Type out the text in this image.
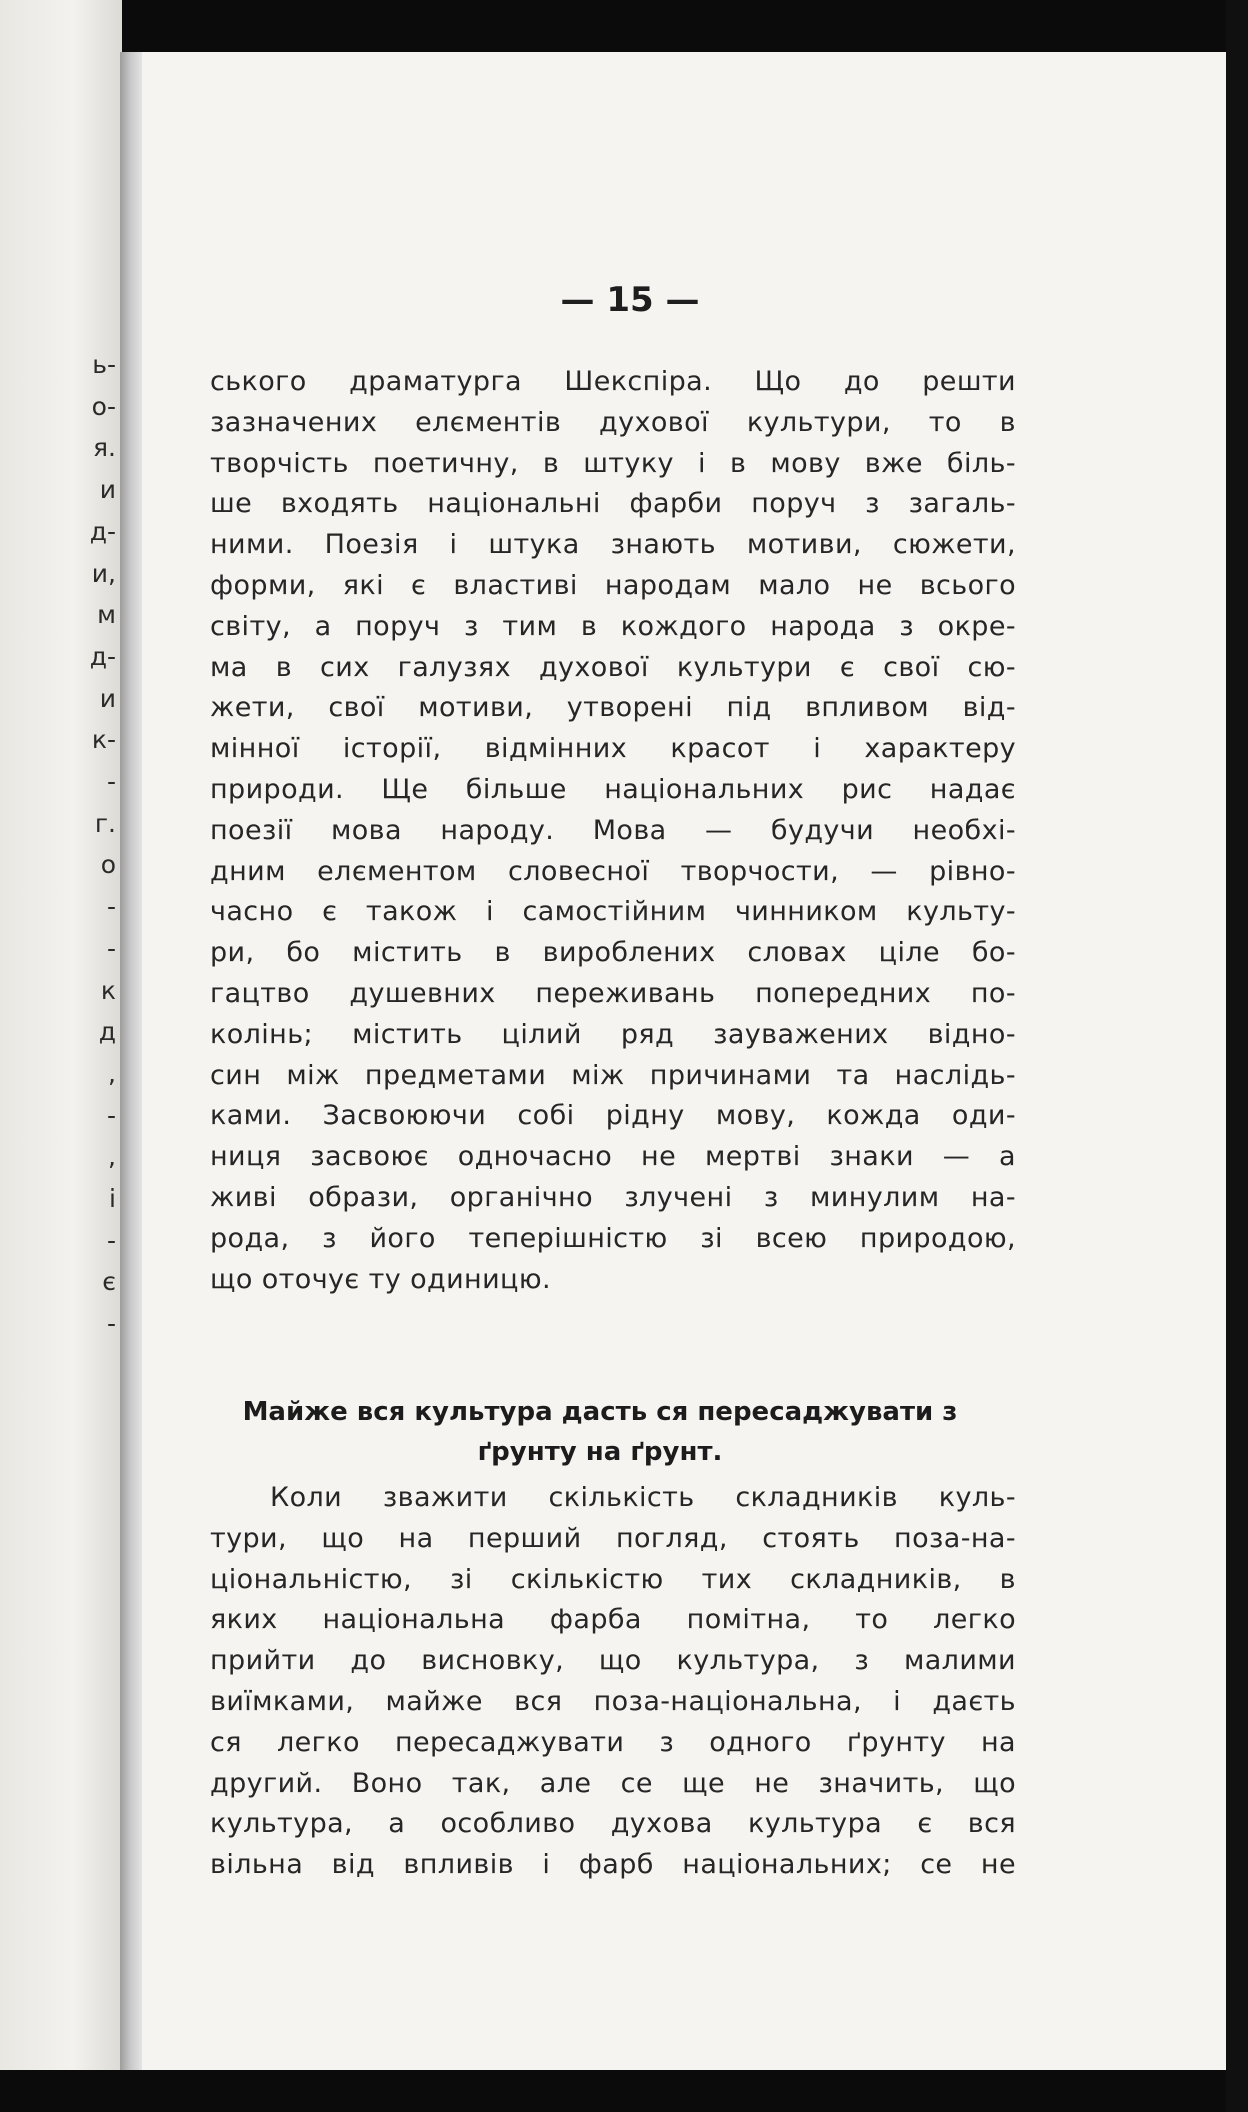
ь-
о-
я.
и
д-
и,
м
д-
и
к-
-
г.
о
-
-
к
д
,
-
,
і
-
є
-
— 15 —
ського драматурга Шекспіра. Що до решти
зазначених елєментів духової культури, то в
творчість поетичну, в штуку і в мову вже біль-
ше входять національні фарби поруч з загаль-
ними. Поезія і штука знають мотиви, сюжети,
форми, які є властиві народам мало не всього
світу, а поруч з тим в кождого народа з окре-
ма в сих галузях духової культури є свої сю-
жети, свої мотиви, утворені під впливом від-
мінної історії, відмінних красот і характеру
природи. Ще більше національних рис надає
поезії мова народу. Мова — будучи необхі-
дним елєментом словесної творчости, — рівно-
часно є також і самостійним чинником культу-
ри, бо містить в вироблених словах ціле бо-
гацтво душевних переживань попередних по-
колінь; містить цілий ряд зауважених відно-
син між предметами між причинами та наслідь-
ками. Засвоюючи собі рідну мову, кожда оди-
ниця засвоює одночасно не мертві знаки — а
живі образи, органічно злучені з минулим на-
рода, з його теперішністю зі всею природою,
що оточує ту одиницю.
Майже вся культура дасть ся пересаджувати з
ґрунту на ґрунт.
Коли зважити скількість складників куль-
тури, що на перший погляд, стоять поза-на-
ціональністю, зі скількістю тих складників, в
яких національна фарба помітна, то легко
прийти до висновку, що культура, з малими
виїмками, майже вся поза-національна, і даєть
ся легко пересаджувати з одного ґрунту на
другий. Воно так, але се ще не значить, що
культура, а особливо духова культура є вся
вільна від впливів і фарб національних; се не
